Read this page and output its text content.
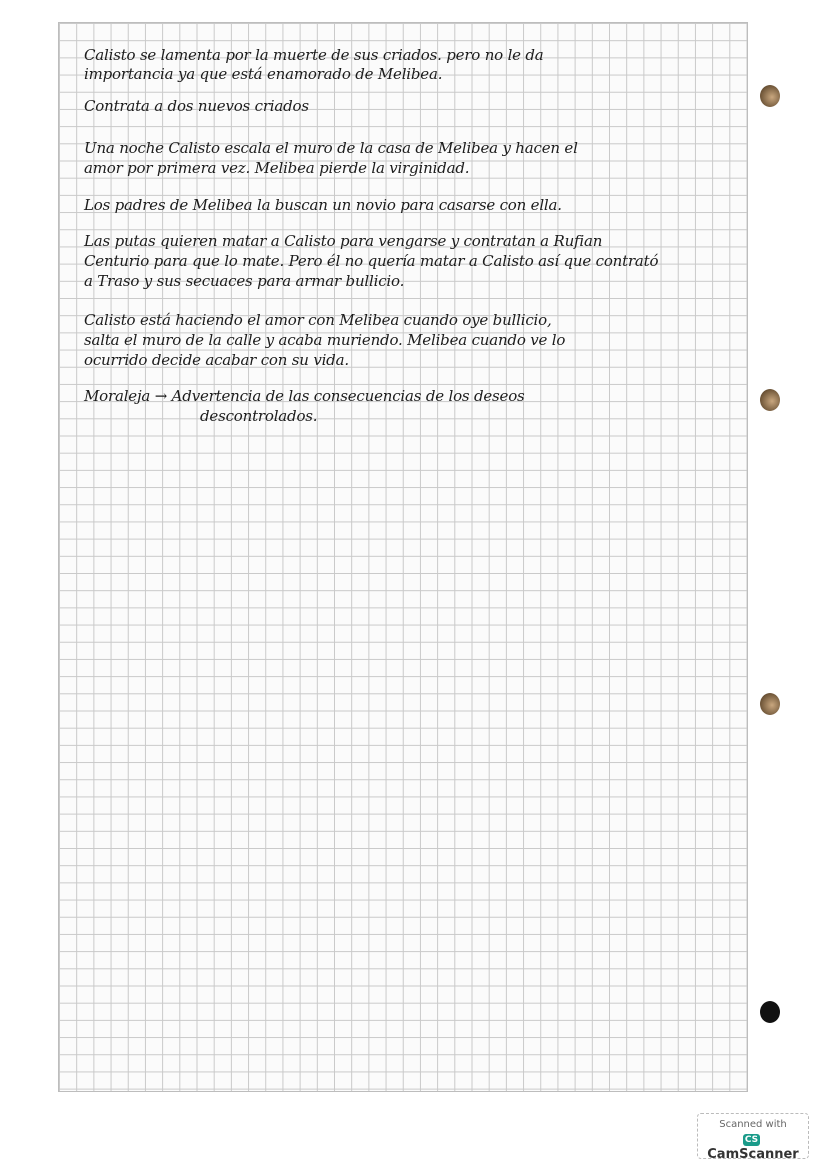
Calisto se lamenta por la muerte de sus criados. pero no le da
importancia ya que está enamorado de Melibea.
Contrata a dos nuevos criados
Una noche Calisto escala el muro de la casa de Melibea y hacen el
amor por primera vez. Melibea pierde la virginidad.
Los padres de Melibea la buscan un novio para casarse con ella.
Las putas quieren matar a Calisto para vengarse y contratan a Rufian
Centurio para que lo mate. Pero él no quería matar a Calisto así que contrató
a Traso y sus secuaces para armar bullicio.
Calisto está haciendo el amor con Melibea cuando oye bullicio,
salta el muro de la calle y acaba muriendo. Melibea cuando ve lo
ocurrido decide acabar con su vida.
Moraleja → Advertencia de las consecuencias de los deseos
descontrolados.
Scanned with
CSCamScanner
